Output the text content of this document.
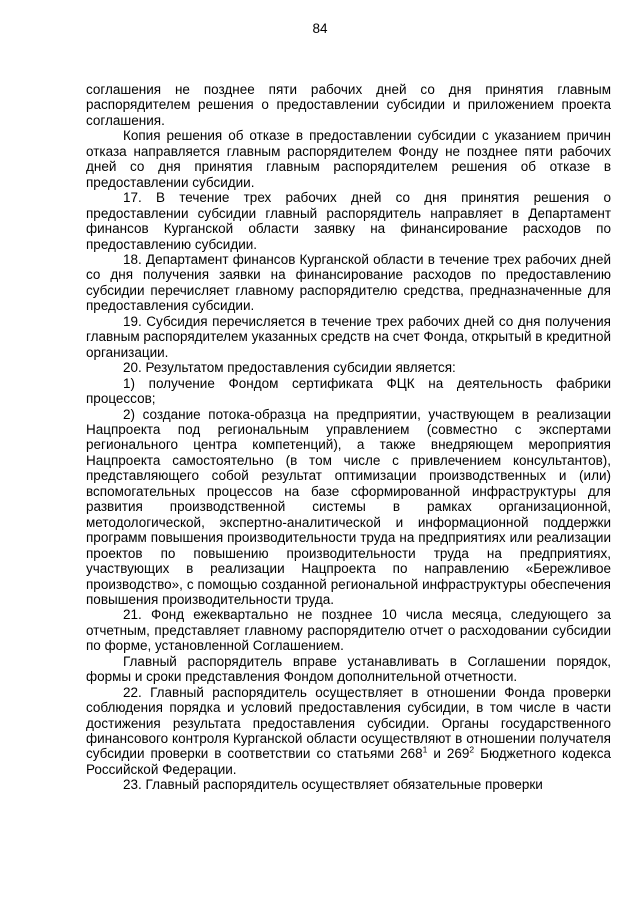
84

соглашения не позднее пяти рабочих дней со дня принятия главным распорядителем решения о предоставлении субсидии и приложением проекта соглашения.

Копия решения об отказе в предоставлении субсидии с указанием причин отказа направляется главным распорядителем Фонду не позднее пяти рабочих дней со дня принятия главным распорядителем решения об отказе в предоставлении субсидии.

17. В течение трех рабочих дней со дня принятия решения о предоставлении субсидии главный распорядитель направляет в Департамент финансов Курганской области заявку на финансирование расходов по предоставлению субсидии.

18. Департамент финансов Курганской области в течение трех рабочих дней со дня получения заявки на финансирование расходов по предоставлению субсидии перечисляет главному распорядителю средства, предназначенные для предоставления субсидии.

19. Субсидия перечисляется в течение трех рабочих дней со дня получения главным распорядителем указанных средств на счет Фонда, открытый в кредитной организации.

20. Результатом предоставления субсидии является:

1) получение Фондом сертификата ФЦК на деятельность фабрики процессов;

2) создание потока-образца на предприятии, участвующем в реализации Нацпроекта под региональным управлением (совместно с экспертами регионального центра компетенций), а также внедряющем мероприятия Нацпроекта самостоятельно (в том числе с привлечением консультантов), представляющего собой результат оптимизации производственных и (или) вспомогательных процессов на базе сформированной инфраструктуры для развития производственной системы в рамках организационной, методологической, экспертно-аналитической и информационной поддержки программ повышения производительности труда на предприятиях или реализации проектов по повышению производительности труда на предприятиях, участвующих в реализации Нацпроекта по направлению «Бережливое производство», с помощью созданной региональной инфраструктуры обеспечения повышения производительности труда.

21. Фонд ежеквартально не позднее 10 числа месяца, следующего за отчетным, представляет главному распорядителю отчет о расходовании субсидии по форме, установленной Соглашением.

Главный распорядитель вправе устанавливать в Соглашении порядок, формы и сроки представления Фондом дополнительной отчетности.

22. Главный распорядитель осуществляет в отношении Фонда проверки соблюдения порядка и условий предоставления субсидии, в том числе в части достижения результата предоставления субсидии. Органы государственного финансового контроля Курганской области осуществляют в отношении получателя субсидии проверки в соответствии со статьями $268^1$ и $269^2$ Бюджетного кодекса Российской Федерации.

23. Главный распорядитель осуществляет обязательные проверки
